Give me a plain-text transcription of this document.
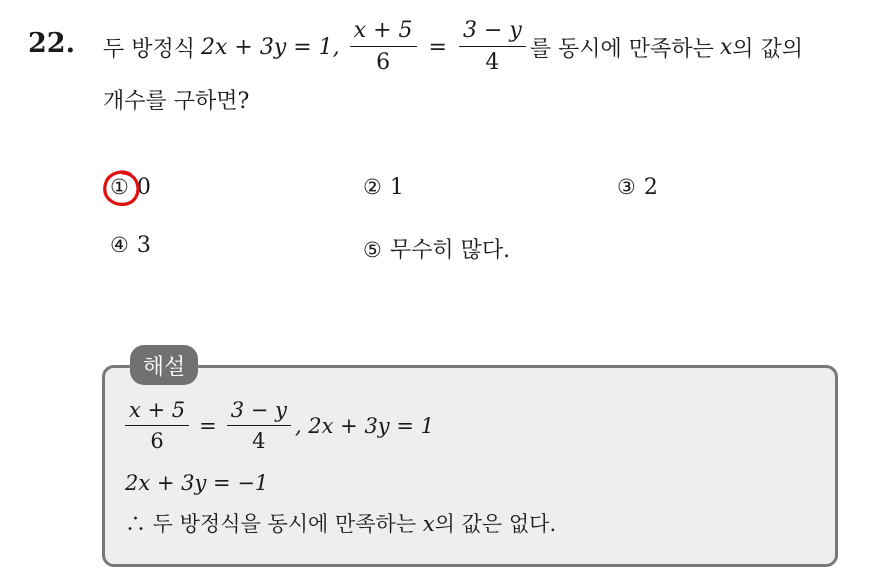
22. 두 방정식 2x + 3y = 1, $\frac{x + 5}{6} = \frac{3 - y}{4}$ 를 동시에 만족하는 x 의 값의
개수를 구하면?
① 0	② 1	③ 2
④ 3	⑤ 무수히 많다.
해설
$\frac{x + 5}{6} = \frac{3 - y}{4}$ , 2x + 3y = 1
2x + 3y = −1
∴ 두 방정식을 동시에 만족하는 x의 값은 없다.
